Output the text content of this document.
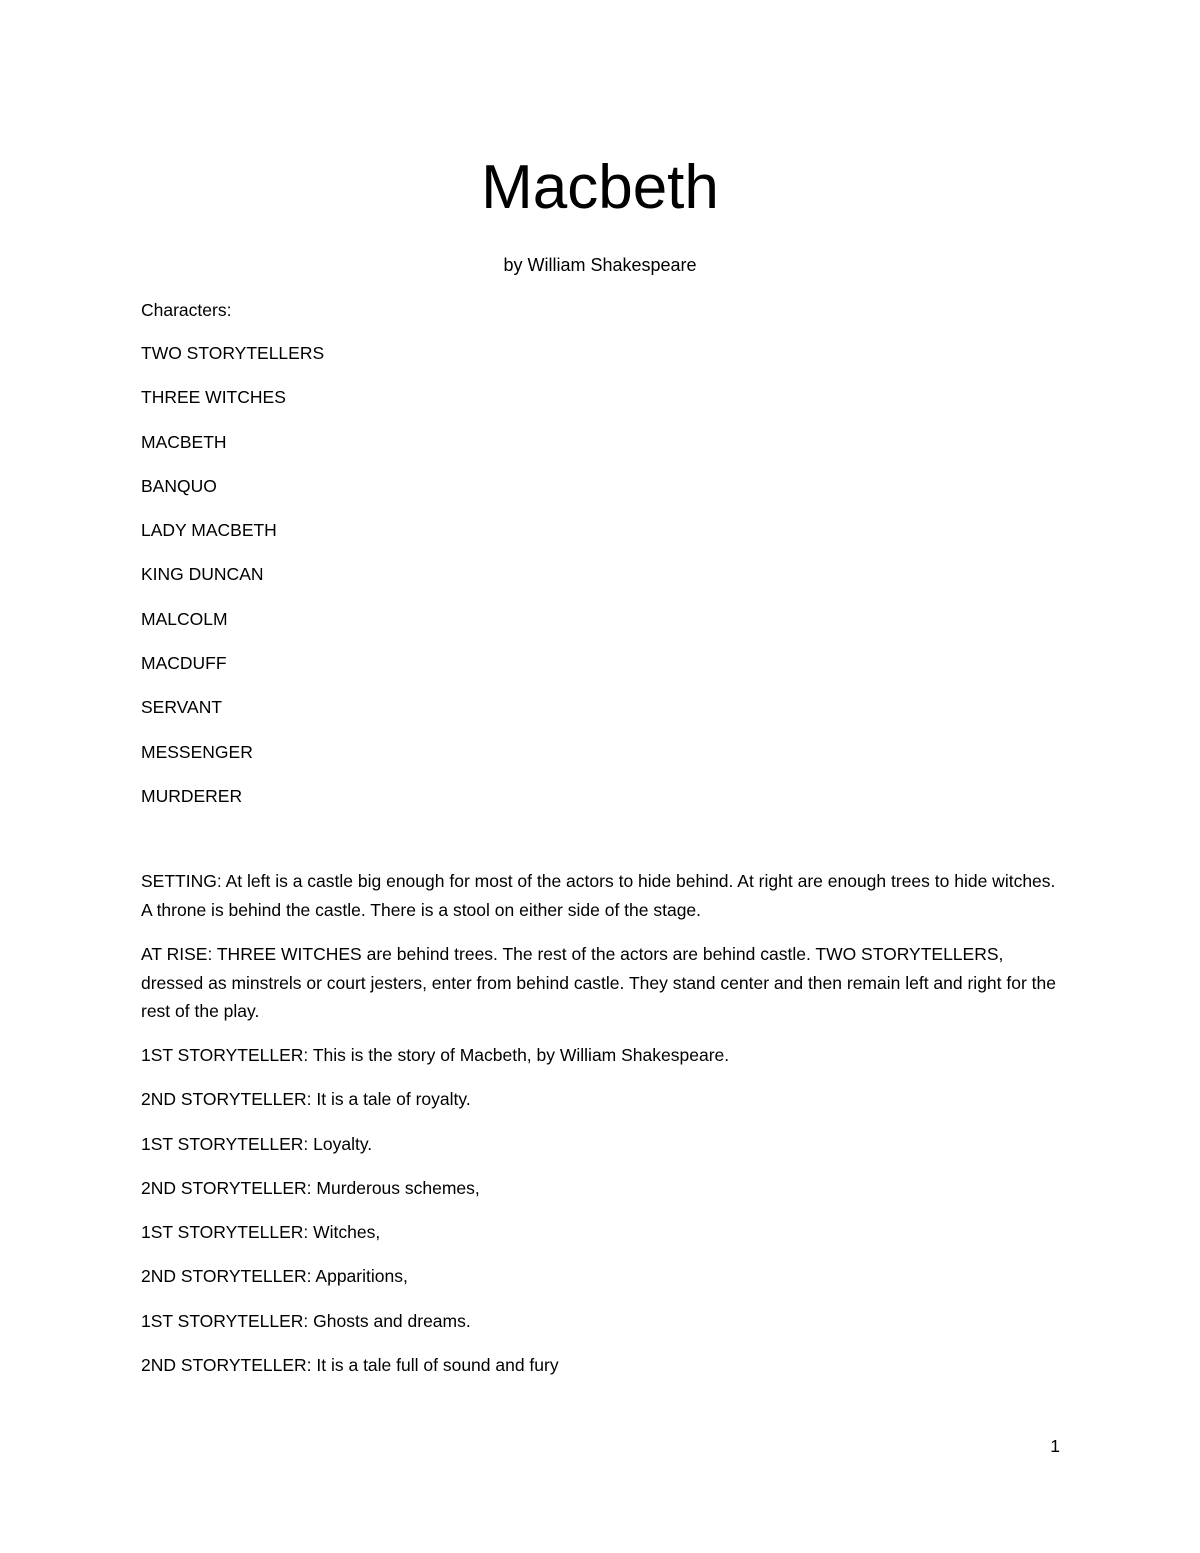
Macbeth
by William Shakespeare
Characters:
TWO STORYTELLERS
THREE WITCHES
MACBETH
BANQUO
LADY MACBETH
KING DUNCAN
MALCOLM
MACDUFF
SERVANT
MESSENGER
MURDERER
SETTING: At left is a castle big enough for most of the actors to hide behind. At right are enough trees to hide witches. A throne is behind the castle. There is a stool on either side of the stage.
AT RISE: THREE WITCHES are behind trees. The rest of the actors are behind castle. TWO STORYTELLERS, dressed as minstrels or court jesters, enter from behind castle. They stand center and then remain left and right for the rest of the play.
1ST STORYTELLER: This is the story of Macbeth, by William Shakespeare.
2ND STORYTELLER: It is a tale of royalty.
1ST STORYTELLER: Loyalty.
2ND STORYTELLER: Murderous schemes,
1ST STORYTELLER: Witches,
2ND STORYTELLER: Apparitions,
1ST STORYTELLER: Ghosts and dreams.
2ND STORYTELLER: It is a tale full of sound and fury
1
